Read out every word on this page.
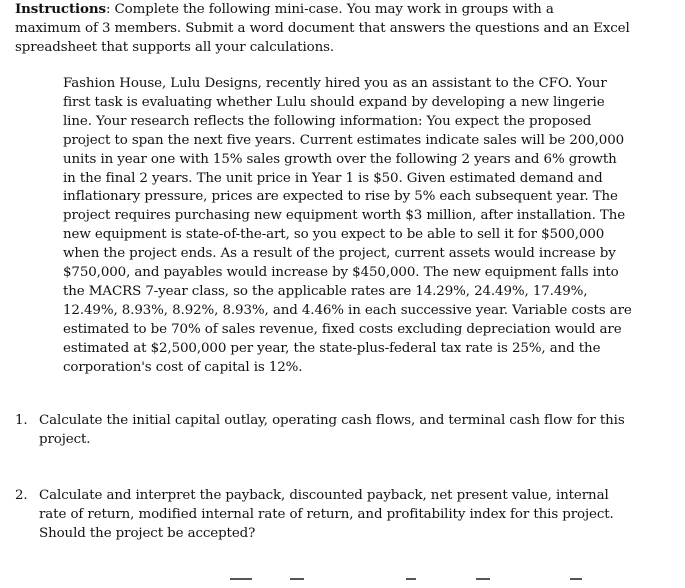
Instructions: Complete the following mini-case. You may work in groups with a
maximum of 3 members. Submit a word document that answers the questions and an Excel
spreadsheet that supports all your calculations.
Fashion House, Lulu Designs, recently hired you as an assistant to the CFO. Your
first task is evaluating whether Lulu should expand by developing a new lingerie
line. Your research reflects the following information: You expect the proposed
project to span the next five years. Current estimates indicate sales will be 200,000
units in year one with 15% sales growth over the following 2 years and 6% growth
in the final 2 years. The unit price in Year 1 is $50. Given estimated demand and
inflationary pressure, prices are expected to rise by 5% each subsequent year. The
project requires purchasing new equipment worth $3 million, after installation. The
new equipment is state-of-the-art, so you expect to be able to sell it for $500,000
when the project ends. As a result of the project, current assets would increase by
$750,000, and payables would increase by $450,000. The new equipment falls into
the MACRS 7-year class, so the applicable rates are 14.29%, 24.49%, 17.49%,
12.49%, 8.93%, 8.92%, 8.93%, and 4.46% in each successive year. Variable costs are
estimated to be 70% of sales revenue, fixed costs excluding depreciation would are
estimated at $2,500,000 per year, the state-plus-federal tax rate is 25%, and the
corporation's cost of capital is 12%.
1. Calculate the initial capital outlay, operating cash flows, and terminal cash flow for this
project.
2. Calculate and interpret the payback, discounted payback, net present value, internal
rate of return, modified internal rate of return, and profitability index for this project.
Should the project be accepted?
